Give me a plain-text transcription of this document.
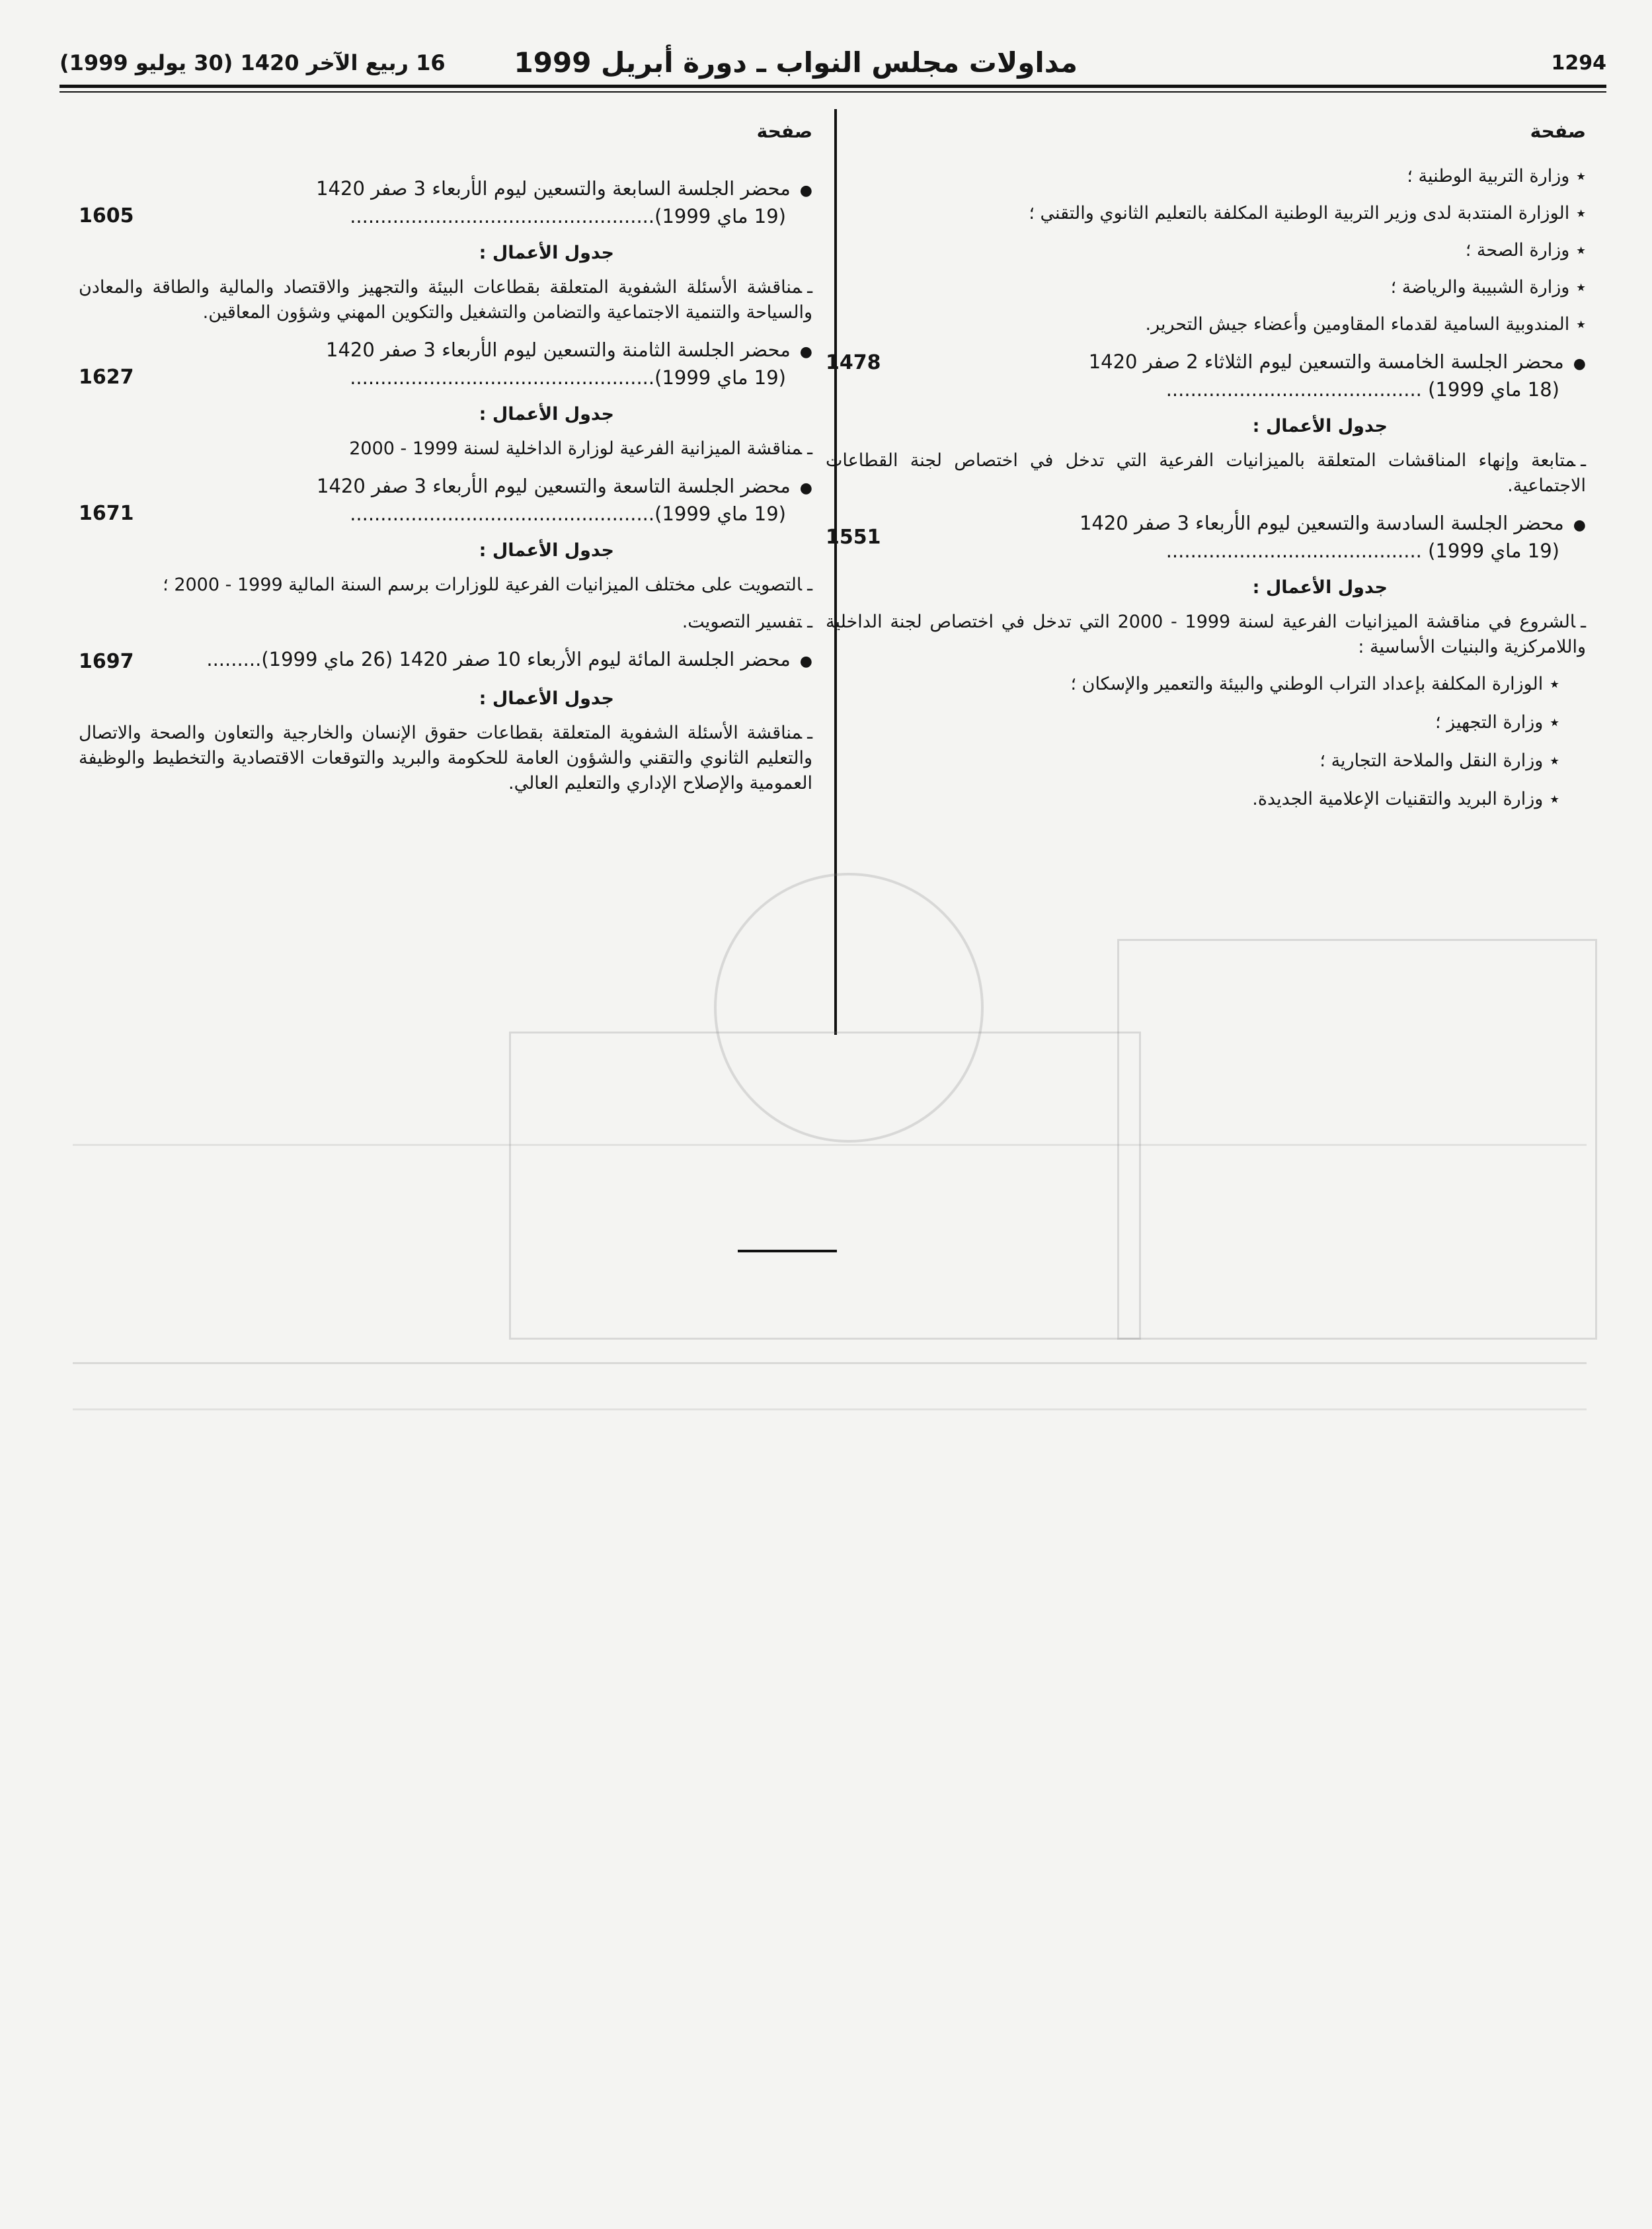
1294
مداولات مجلس النواب ـ دورة أبريل 1999
16 ربيع الآخر 1420 (30 يوليو 1999)
صفحة
٭وزارة التربية الوطنية ؛
٭الوزارة المنتدبة لدى وزير التربية الوطنية المكلفة بالتعليم الثانوي والتقني ؛
٭وزارة الصحة ؛
٭وزارة الشبيبة والرياضة ؛
٭المندوبية السامية لقدماء المقاومين وأعضاء جيش التحرير.
●محضر الجلسة الخامسة والتسعين ليوم الثلاثاء 2 صفر 1420
(18 ماي 1999) ..........................................
1478
جدول الأعمال :
ـمتابعة وإنهاء المناقشات المتعلقة بالميزانيات الفرعية التي تدخل في اختصاص لجنة القطاعات الاجتماعية.
●محضر الجلسة السادسة والتسعين ليوم الأربعاء 3 صفر 1420
(19 ماي 1999) ..........................................
1551
جدول الأعمال :
ـالشروع في مناقشة الميزانيات الفرعية لسنة 1999 - 2000 التي تدخل في اختصاص لجنة الداخلية واللامركزية والبنيات الأساسية :
٭الوزارة المكلفة بإعداد التراب الوطني والبيئة والتعمير والإسكان ؛
٭وزارة التجهيز ؛
٭وزارة النقل والملاحة التجارية ؛
٭وزارة البريد والتقنيات الإعلامية الجديدة.
صفحة
●محضر الجلسة السابعة والتسعين ليوم الأربعاء 3 صفر 1420
(19 ماي 1999)..................................................
1605
جدول الأعمال :
ـمناقشة الأسئلة الشفوية المتعلقة بقطاعات البيئة والتجهيز والاقتصاد والمالية والطاقة والمعادن والسياحة والتنمية الاجتماعية والتضامن والتشغيل والتكوين المهني وشؤون المعاقين.
●محضر الجلسة الثامنة والتسعين ليوم الأربعاء 3 صفر 1420
(19 ماي 1999)..................................................
1627
جدول الأعمال :
ـمناقشة الميزانية الفرعية لوزارة الداخلية لسنة 1999 - 2000
●محضر الجلسة التاسعة والتسعين ليوم الأربعاء 3 صفر 1420
(19 ماي 1999)..................................................
1671
جدول الأعمال :
ـالتصويت على مختلف الميزانيات الفرعية للوزارات برسم السنة المالية 1999 - 2000 ؛
ـتفسير التصويت.
●محضر الجلسة المائة ليوم الأربعاء 10 صفر 1420 (26 ماي 1999).........
1697
جدول الأعمال :
ـمناقشة الأسئلة الشفوية المتعلقة بقطاعات حقوق الإنسان والخارجية والتعاون والصحة والاتصال والتعليم الثانوي والتقني والشؤون العامة للحكومة والبريد والتوقعات الاقتصادية والتخطيط والوظيفة العمومية والإصلاح الإداري والتعليم العالي.
